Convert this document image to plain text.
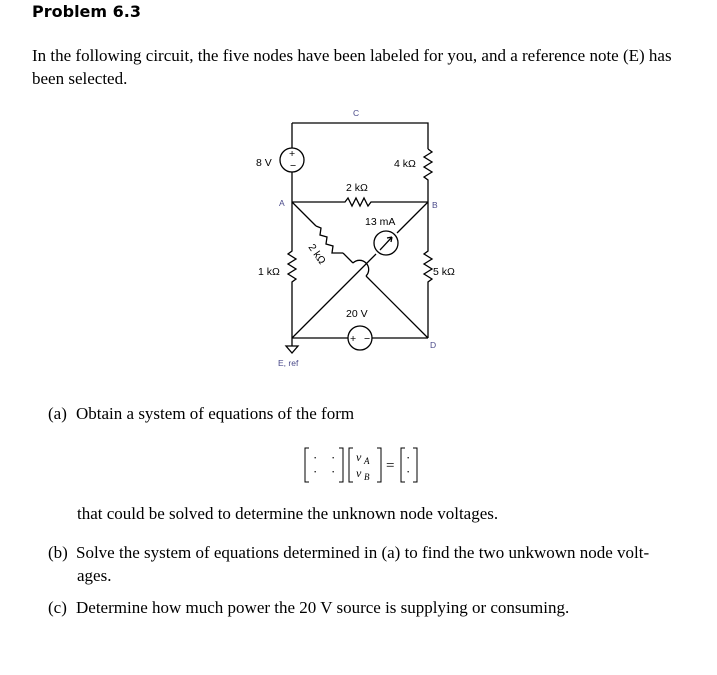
Problem 6.3
In the following circuit, the five nodes have been labeled for you, and a reference note (E) has been selected.
+
−
8 V	4 kΩ
2 kΩ
2 kΩ
13 mA
1 kΩ	5 kΩ
+ −
20 V
C
A	B
D
E, ref
(a) Obtain a system of equations of the form
· ·
· ·
·
·
v A
v B
=
that could be solved to determine the unknown node voltages.
(b) Solve the system of equations determined in (a) to find the two unkwown node volt-
ages.
(c) Determine how much power the 20 V source is supplying or consuming.
